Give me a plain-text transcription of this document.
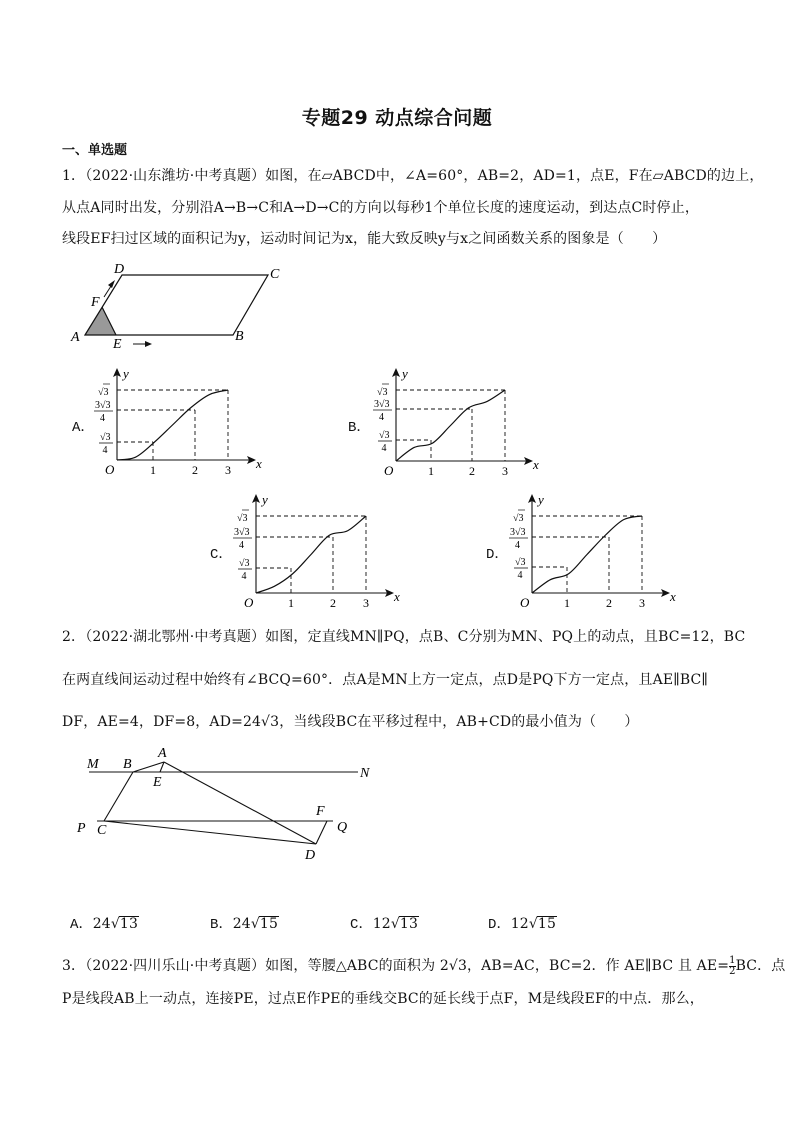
专题29 动点综合问题
一、单选题
1．（2022·山东潍坊·中考真题）如图，在▱ABCD中，∠A=60°，AB=2，AD=1，点E，F在▱ABCD的边上，
从点A同时出发，分别沿A→B→C和A→D→C的方向以每秒1个单位长度的速度运动，到达点C时停止，
线段EF扫过区域的面积记为y，运动时间记为x，能大致反映y与x之间函数关系的图象是（　　）
A
D	C
B
E
F
O	x
y
1	2 3
√3
3√3
4
√3
4
O	x
y
1	2 3
√3
3√3
4
√3
4
O	x
y
1	2 3
√3
3√3
4
√3
4
O	x
y
1	2 3
√3
3√3
4
√3
4
A．	B．
C．	D．
2．（2022·湖北鄂州·中考真题）如图，定直线MN∥PQ，点B、C分别为MN、PQ上的动点，且BC=12，BC
在两直线间运动过程中始终有∠BCQ=60°．点A是MN上方一定点，点D是PQ下方一定点，且AE∥BC∥
DF，AE=4，DF=8，AD=24√3，当线段BC在平移过程中，AB+CD的最小值为（　　）
M B
A
E
N
P C
F
Q
D
A．24√13	B．24√15	C．12√13	D．12√15
3．（2022·四川乐山·中考真题）如图，等腰△ABC的面积为 2√3，AB=AC，BC=2．作 AE∥BC 且 $AE= \frac{1}{2}$ BC．点
P是线段AB上一动点，连接PE，过点E作PE的垂线交BC的延长线于点F，M是线段EF的中点．那么，
